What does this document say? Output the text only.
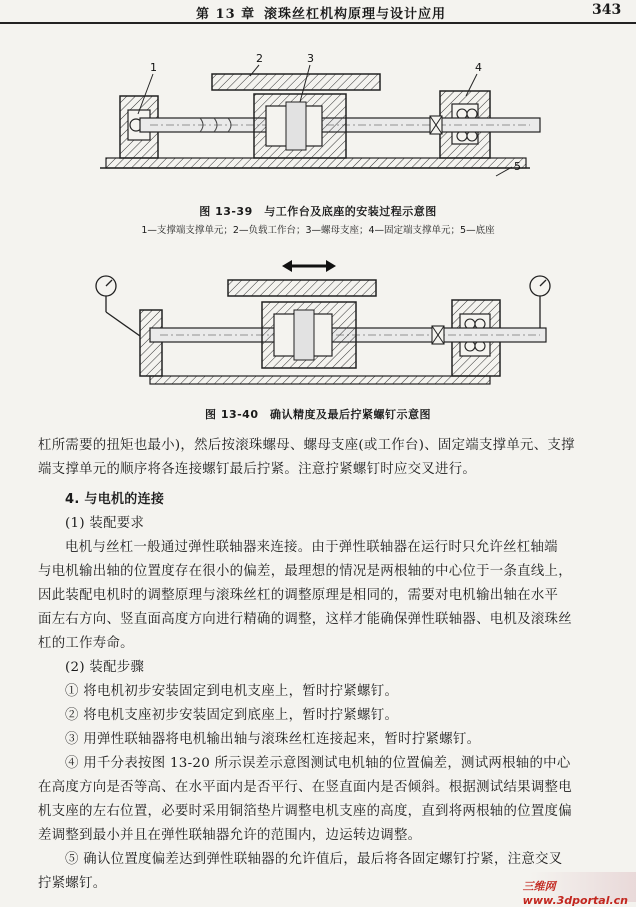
第 13 章 滚珠丝杠机构原理与设计应用	343
1
2	3
4
5
图 13-39　与工作台及底座的安装过程示意图
1—支撑端支撑单元；2—负载工作台；3—螺母支座；4—固定端支撑单元；5—底座
图 13-40　确认精度及最后拧紧螺钉示意图

杠所需要的扭矩也最小)，然后按滚珠螺母、螺母支座(或工作台)、固定端支撑单元、支撑

端支撑单元的顺序将各连接螺钉最后拧紧。注意拧紧螺钉时应交叉进行。

4. 与电机的连接

(1) 装配要求

电机与丝杠一般通过弹性联轴器来连接。由于弹性联轴器在运行时只允许丝杠轴端

与电机输出轴的位置度存在很小的偏差，最理想的情况是两根轴的中心位于一条直线上，

因此装配电机时的调整原理与滚珠丝杠的调整原理是相同的，需要对电机输出轴在水平

面左右方向、竖直面高度方向进行精确的调整，这样才能确保弹性联轴器、电机及滚珠丝

杠的工作寿命。

(2) 装配步骤

① 将电机初步安装固定到电机支座上，暂时拧紧螺钉。

② 将电机支座初步安装固定到底座上，暂时拧紧螺钉。

③ 用弹性联轴器将电机输出轴与滚珠丝杠连接起来，暂时拧紧螺钉。

④ 用千分表按图 13-20 所示误差示意图测试电机轴的位置偏差，测试两根轴的中心

在高度方向是否等高、在水平面内是否平行、在竖直面内是否倾斜。根据测试结果调整电

机支座的左右位置，必要时采用铜箔垫片调整电机支座的高度，直到将两根轴的位置度偏

差调整到最小并且在弹性联轴器允许的范围内，边运转边调整。

⑤ 确认位置度偏差达到弹性联轴器的允许值后，最后将各固定螺钉拧紧，注意交叉

拧紧螺钉。	三维网www.3dportal.cn
